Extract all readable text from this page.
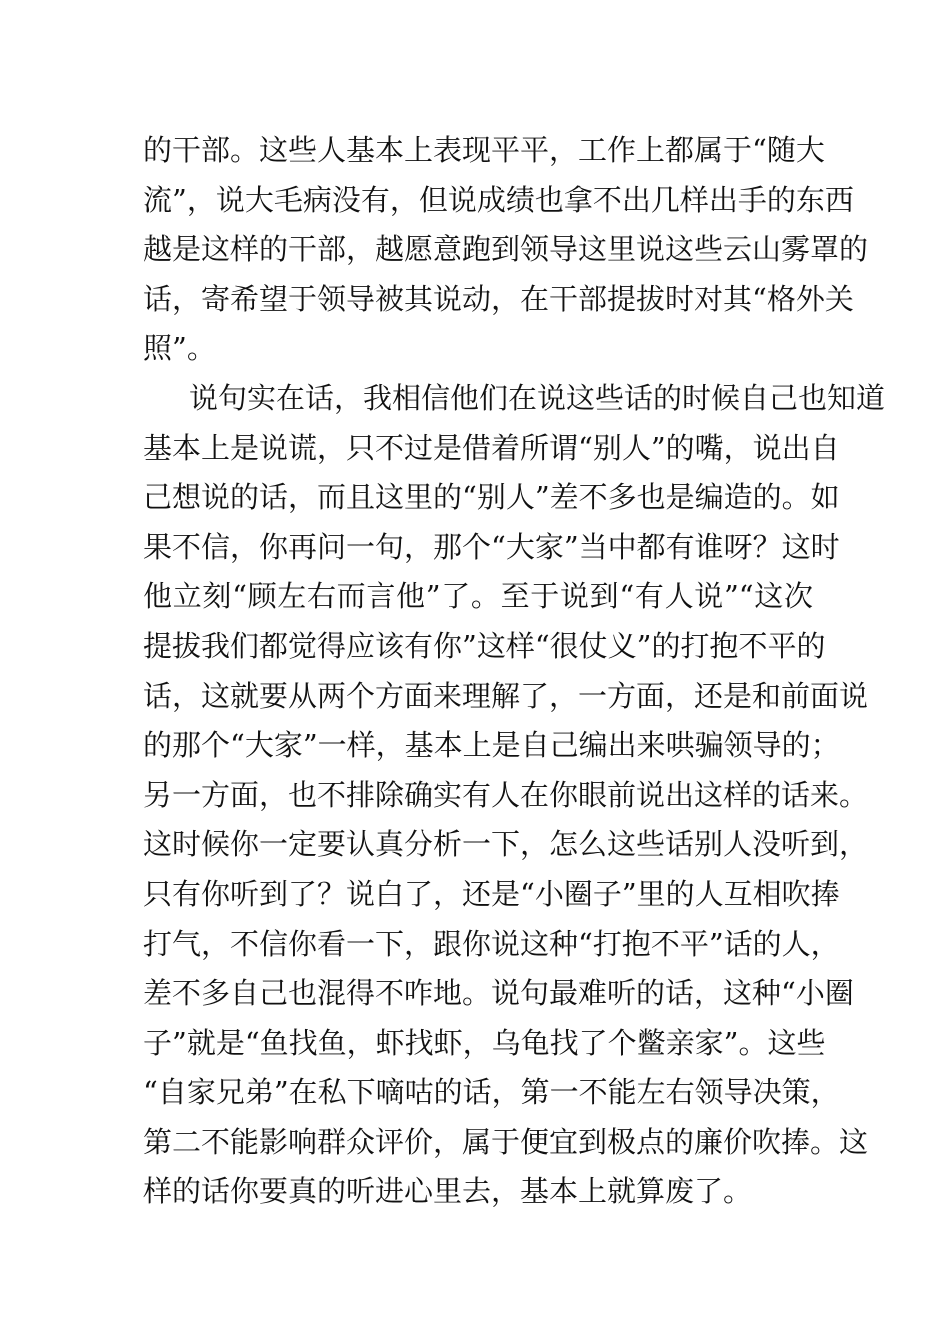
的干部。这些人基本上表现平平，工作上都属于“随大
流”，说大毛病没有，但说成绩也拿不出几样出手的东西
越是这样的干部，越愿意跑到领导这里说这些云山雾罩的
话，寄希望于领导被其说动，在干部提拔时对其“格外关
照”。
说句实在话，我相信他们在说这些话的时候自己也知道
基本上是说谎，只不过是借着所谓“别人”的嘴，说出自
己想说的话，而且这里的“别人”差不多也是编造的。如
果不信，你再问一句，那个“大家”当中都有谁呀？这时
他立刻“顾左右而言他”了。至于说到“有人说”“这次
提拔我们都觉得应该有你”这样“很仗义”的打抱不平的
话，这就要从两个方面来理解了，一方面，还是和前面说
的那个“大家”一样，基本上是自己编出来哄骗领导的；
另一方面，也不排除确实有人在你眼前说出这样的话来。
这时候你一定要认真分析一下，怎么这些话别人没听到，
只有你听到了？说白了，还是“小圈子”里的人互相吹捧
打气，不信你看一下，跟你说这种“打抱不平”话的人，
差不多自己也混得不咋地。说句最难听的话，这种“小圈
子”就是“鱼找鱼，虾找虾，乌龟找了个鳖亲家”。这些
“自家兄弟”在私下嘀咕的话，第一不能左右领导决策，
第二不能影响群众评价，属于便宜到极点的廉价吹捧。这
样的话你要真的听进心里去，基本上就算废了。
